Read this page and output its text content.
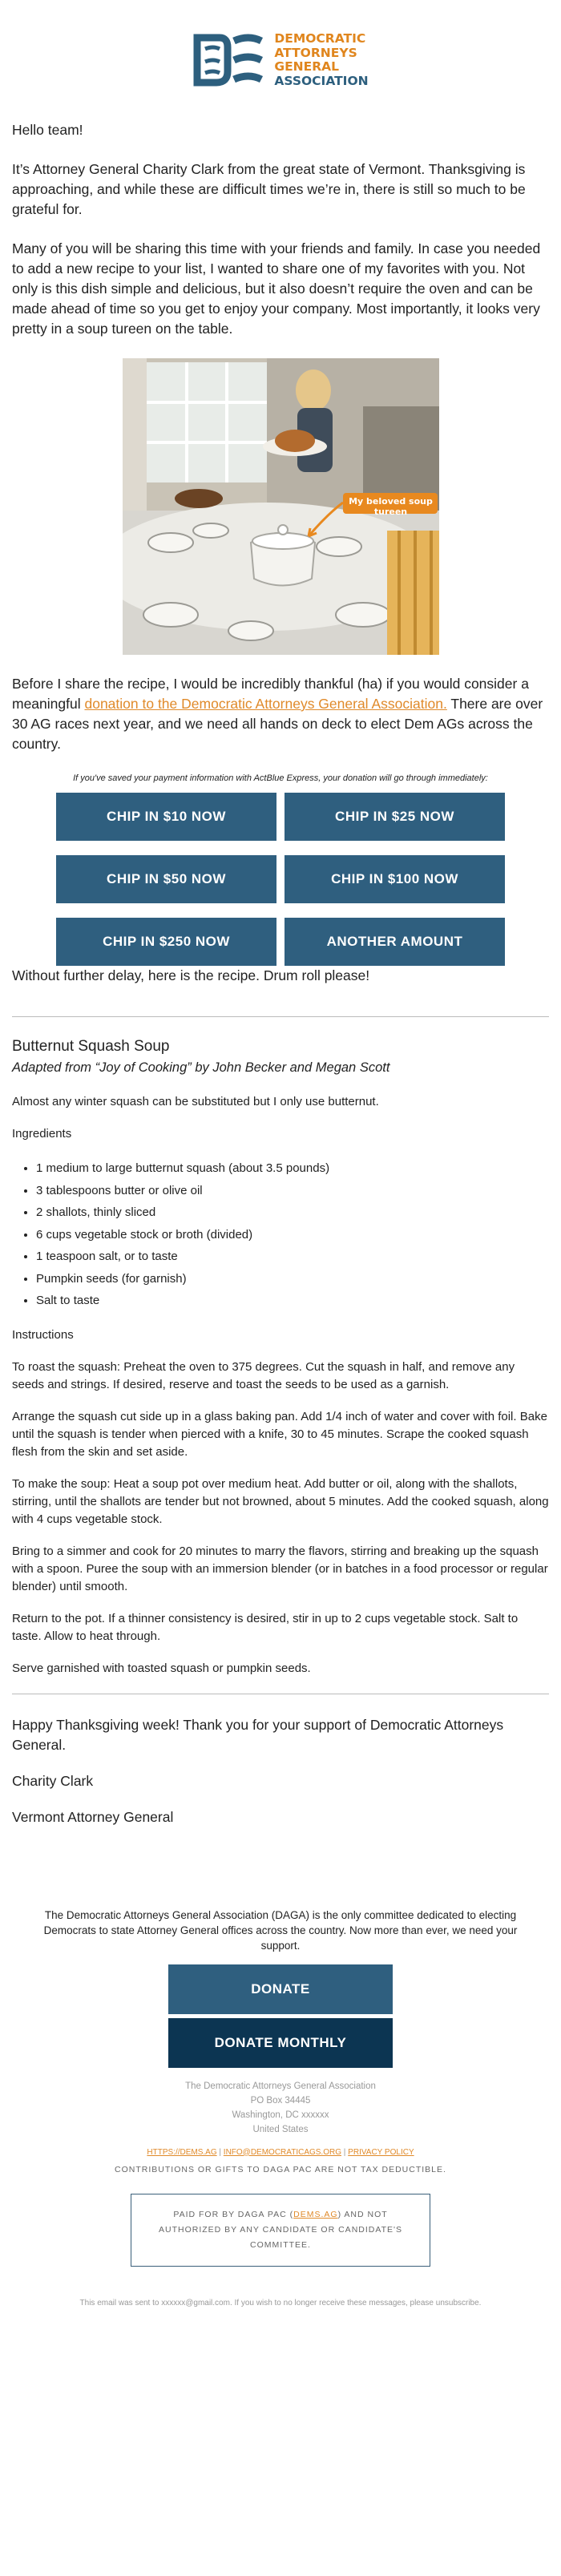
DEMOCRATIC
ATTORNEYS
GENERAL
ASSOCIATION

Hello team!

It’s Attorney General Charity Clark from the great state of Vermont. Thanksgiving is approaching, and while these are difficult times we’re in, there is still so much to be grateful for.

Many of you will be sharing this time with your friends and family. In case you needed to add a new recipe to your list, I wanted to share one of my favorites with you. Not only is this dish simple and delicious, but it also doesn’t require the oven and can be made ahead of time so you get to enjoy your company. Most importantly, it looks very pretty in a soup tureen on the table.

My beloved soup tureen

Before I share the recipe, I would be incredibly thankful (ha) if you would consider a meaningful donation to the Democratic Attorneys General Association. There are over 30 AG races next year, and we need all hands on deck to elect Dem AGs across the country.

If you've saved your payment information with ActBlue Express, your donation will go through immediately:

CHIP IN $10 NOW	CHIP IN $25 NOW
CHIP IN $50 NOW	CHIP IN $100 NOW
CHIP IN $250 NOW	ANOTHER AMOUNT

Without further delay, here is the recipe. Drum roll please!

Butternut Squash Soup

Adapted from “Joy of Cooking” by John Becker and Megan Scott

Almost any winter squash can be substituted but I only use butternut.

Ingredients

• 1 medium to large butternut squash (about 3.5 pounds)
• 3 tablespoons butter or olive oil
• 2 shallots, thinly sliced
• 6 cups vegetable stock or broth (divided)
• 1 teaspoon salt, or to taste
• Pumpkin seeds (for garnish)
• Salt to taste

Instructions

To roast the squash: Preheat the oven to 375 degrees. Cut the squash in half, and remove any seeds and strings. If desired, reserve and toast the seeds to be used as a garnish.

Arrange the squash cut side up in a glass baking pan. Add 1/4 inch of water and cover with foil. Bake until the squash is tender when pierced with a knife, 30 to 45 minutes. Scrape the cooked squash flesh from the skin and set aside.

To make the soup: Heat a soup pot over medium heat. Add butter or oil, along with the shallots, stirring, until the shallots are tender but not browned, about 5 minutes. Add the cooked squash, along with 4 cups vegetable stock.

Bring to a simmer and cook for 20 minutes to marry the flavors, stirring and breaking up the squash with a spoon. Puree the soup with an immersion blender (or in batches in a food processor or regular blender) until smooth.

Return to the pot. If a thinner consistency is desired, stir in up to 2 cups vegetable stock. Salt to taste. Allow to heat through.

Serve garnished with toasted squash or pumpkin seeds.

Happy Thanksgiving week! Thank you for your support of Democratic Attorneys General.

Charity Clark

Vermont Attorney General

The Democratic Attorneys General Association (DAGA) is the only committee dedicated to electing Democrats to state Attorney General offices across the country. Now more than ever, we need your support.

DONATE
DONATE MONTHLY
The Democratic Attorneys General Association
PO Box 34445
Washington, DC xxxxxx
United States
HTTPS://DEMS.AG | INFO@DEMOCRATICAGS.ORG | PRIVACY POLICY
CONTRIBUTIONS OR GIFTS TO DAGA PAC ARE NOT TAX DEDUCTIBLE.
PAID FOR BY DAGA PAC (DEMS.AG) AND NOT AUTHORIZED BY ANY CANDIDATE OR CANDIDATE'S COMMITTEE.
This email was sent to xxxxxx@gmail.com. If you wish to no longer receive these messages, please unsubscribe.
